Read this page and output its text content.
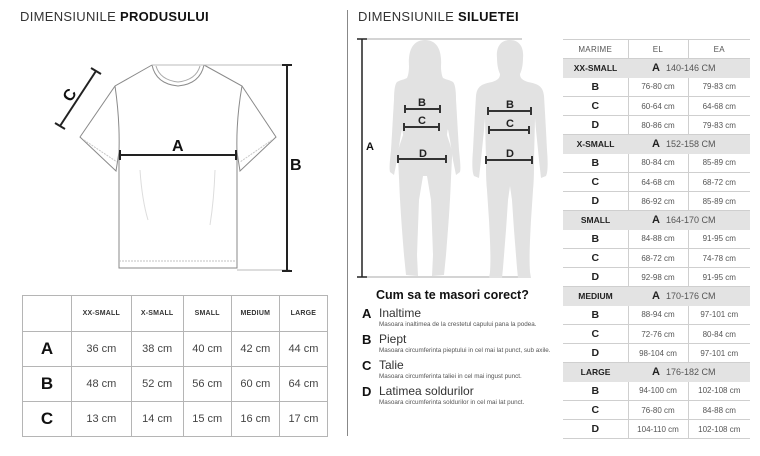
DIMENSIUNILE PRODUSULUI
A
B
C
	XX-SMALL	X-SMALL	SMALL	MEDIUM	LARGE
A	36 cm	38 cm	40 cm	42 cm	44 cm
B	48 cm	52 cm	56 cm	60 cm	64 cm
C	13 cm	14 cm	15 cm	16 cm	17 cm
DIMENSIUNILE SILUETEI
A
B
C
D
B
C
D
Cum sa te masori corect?
A Inaltime
Masoara inaltimea de la crestetul capului pana la podea.
B Piept
Masoara circumferinta pieptului in cel mai lat punct, sub axile.
C Talie
Masoara circumferinta taliei in cel mai ingust punct.
D Latimea soldurilor
Masoara circumferinta soldurilor in cel mai lat punct.
MARIME	EL	EA
XX-SMALL	A 140-146 CM	
B	76-80 cm	79-83 cm
C	60-64 cm	64-68 cm
D	80-86 cm	79-83 cm
X-SMALL	A 152-158 CM	
B	80-84 cm	85-89 cm
C	64-68 cm	68-72 cm
D	86-92 cm	85-89 cm
SMALL	A 164-170 CM	
B	84-88 cm	91-95 cm
C	68-72 cm	74-78 cm
D	92-98 cm	91-95 cm
MEDIUM	A 170-176 CM	
B	88-94 cm	97-101 cm
C	72-76 cm	80-84 cm
D	98-104 cm	97-101 cm
LARGE	A 176-182 CM	
B	94-100 cm	102-108 cm
C	76-80 cm	84-88 cm
D	104-110 cm	102-108 cm
